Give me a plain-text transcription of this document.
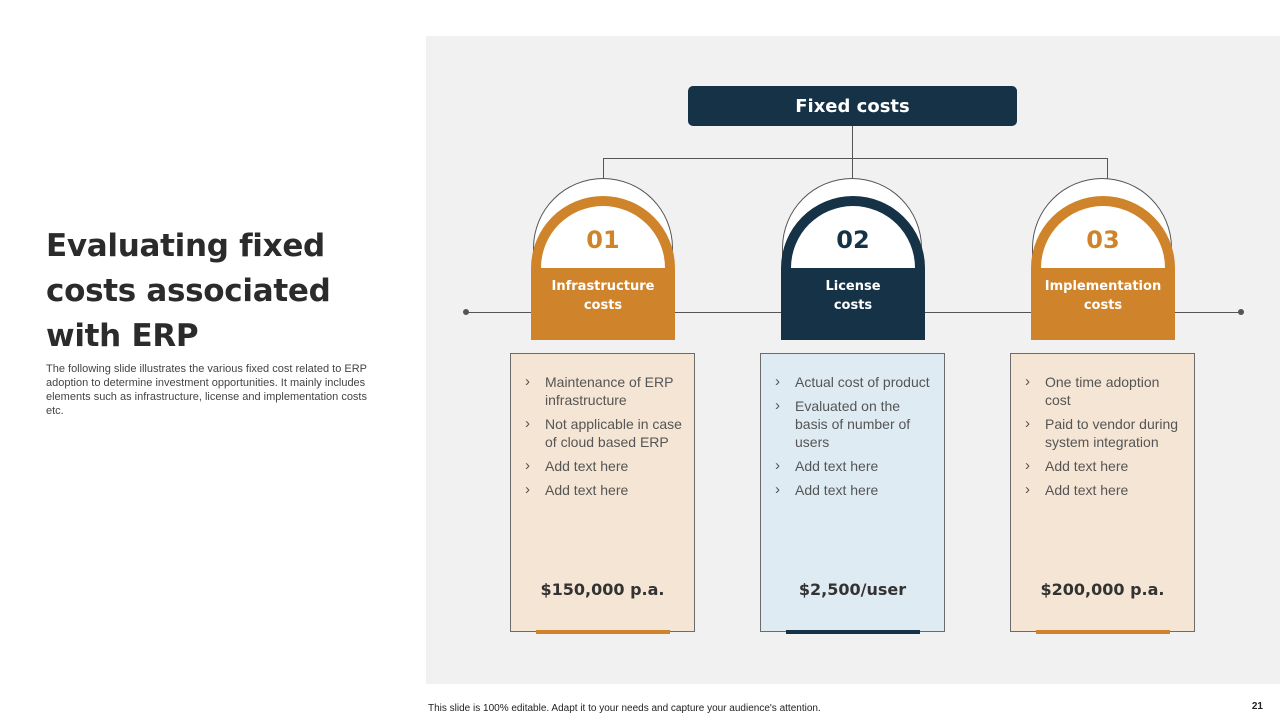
Evaluating fixed
costs associated
with ERP
The following slide illustrates the various fixed cost related to ERP adoption to determine investment opportunities. It mainly includes elements such as infrastructure, license and implementation costs etc.
Fixed costs
01
Infrastructure
costs
› Maintenance of ERP infrastructure
› Not applicable in case of cloud based ERP
› Add text here
› Add text here
$150,000 p.a.
02
License
costs
› Actual cost of product
› Evaluated on the basis of number of users
› Add text here
› Add text here
$2,500/user
03
Implementation
costs
› One time adoption cost
› Paid to vendor during system integration
› Add text here
› Add text here
$200,000 p.a.
This slide is 100% editable. Adapt it to your needs and capture your audience's attention.	21
